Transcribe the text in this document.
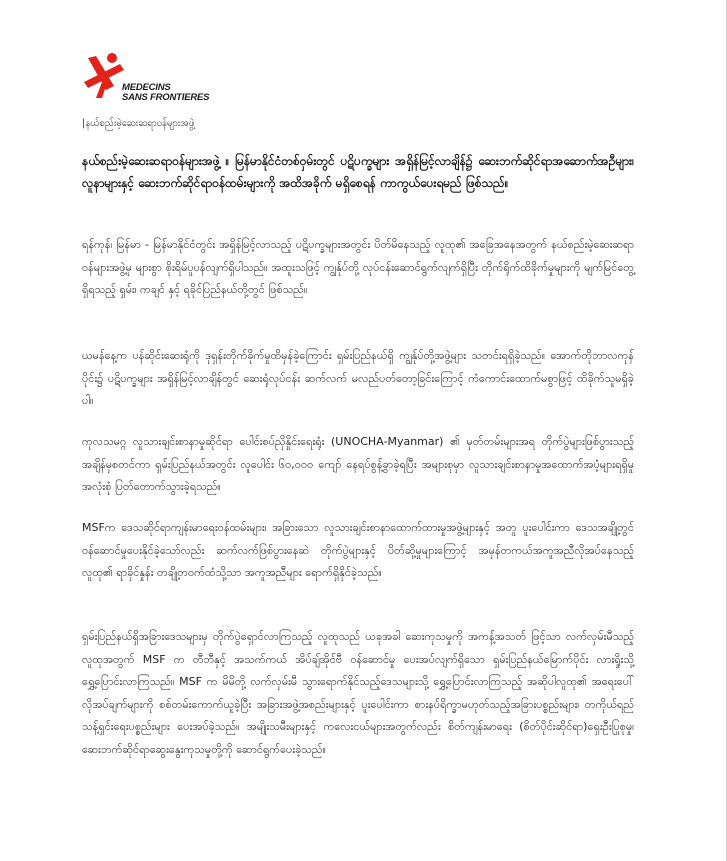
MEDECINS
SANS FRONTIERES
|နယ်စည်းမဲ့ဆေးဆရာဝန်များအဖွဲ့
နယ်စည်းမဲ့ဆေးဆရာဝန်များအဖွဲ့ ။ မြန်မာနိုင်ငံတစ်ဝှမ်းတွင် ပဋိပက္ခများ အရှိန်မြင့်လာချိန်၌ ဆေးဘက်ဆိုင်ရာအဆောက်အဦများ၊ လူနာများနှင့် ဆေးဘက်ဆိုင်ရာဝန်ထမ်းများကို အထိအခိုက် မရှိစေရန် ကာကွယ်ပေးရမည် ဖြစ်သည်။
ရန်ကုန်၊ မြန်မာ - မြန်မာနိုင်ငံတွင်း အရှိန်မြင့်လာသည့် ပဋိပက္ခများအတွင်း ပိတ်မိနေသည့် လူထု၏ အခြေအနေအတွက် နယ်စည်းမဲ့ဆေးဆရာဝန်များအဖွဲ့မှ များစွာ စိုးရိမ်ပူပန်လျက်ရှိပါသည်။ အထူးသဖြင့် ကျွန်ုပ်တို့ လုပ်ငန်းဆောင်ရွက်လျက်ရှိပြီး တိုက်ရိုက်ထိခိုက်မှုများကို မျက်မြင်တွေ့ရှိရသည့် ရှမ်း၊ ကချင် နှင့် ရခိုင်ပြည်နယ်တို့တွင် ဖြစ်သည်။
ယမန်နေ့က ပန်ဆိုင်းဆေးရုံကို ဒုရှန်းတိုက်ခိုက်မှုထိမှန်ခဲ့ကြောင်း ရှမ်းပြည်နယ်ရှိ ကျွန်ုပ်တို့အဖွဲ့များ သတင်းရရှိခဲ့သည်။ အောက်တိုဘာလကုန်ပိုင်း၌ ပဋိပက္ခများ အရှိန်မြင့်လာချိန်တွင် ဆေးရုံလုပ်ငန်း ဆက်လက် မလည်ပတ်တော့ခြင်းကြောင့် ကံကောင်းထောက်မစွာဖြင့် ထိခိုက်သူမရှိခဲ့ပါ။
ကုလသမဂ္ဂ လူသားချင်းစာနာမှုဆိုင်ရာ ပေါင်းစပ်ညှိနှိုင်းရေးရုံး (UNOCHA-Myanmar) ၏ မှတ်တမ်းများအရ တိုက်ပွဲများဖြစ်ပွားသည့်အချိန်မှစတင်ကာ ရှမ်းပြည်နယ်အတွင်း လူပေါင်း ၆၀,၀၀၀ ကျော် နေရပ်စွန့်ခွာခဲ့ရပြီး အများစုမှာ လူသားချင်းစာနာမှုအထောက်အပံ့များရရှိမှု အလုံးစုံ ပြတ်တောက်သွားခဲ့ရသည်။
MSFက ဒေသဆိုင်ရာကျန်းမာရေးဝန်ထမ်းများ၊ အခြားသော လူသားချင်းစာနာထောက်ထားမှုအဖွဲ့များနှင့် အတူ ပူးပေါင်းကာ ဒေသအချို့တွင် ဝန်ဆောင်မှုပေးနိုင်ခဲ့သော်လည်း ဆက်လက်ဖြစ်ပွားနေဆဲ တိုက်ပွဲများနှင့် ပိတ်ဆို့မှုများကြောင့် အမှန်တကယ်အကူအညီလိုအပ်နေသည့် လူထု၏ ရာခိုင်နှုန်း တချို့တဝက်ထံသို့သာ အကူအညီများ ရောက်ရှိနိုင်ခဲ့သည်။
ရှမ်းပြည်နယ်ရှိအခြားဒေသများမှ တိုက်ပွဲရှောင်လာကြသည့် လူထုသည် ယခုအခါ ဆေးကုသမှုကို အကန့်အသတ် ဖြင့်သာ လက်လှမ်းမီသည့်လူထုအတွက် MSF က တီဘီနှင့် အသက်ကယ် အိပ်ချ်အိုင်ဗီ ဝန်ဆောင်မှု ပေးအပ်လျက်ရှိသော ရှမ်းပြည်နယ်မြောက်ပိုင်း လားရှိုးသို့ ရွှေ့ပြောင်းလာကြသည်။ MSF က မိမိတို့ လက်လှမ်းမီ သွားရောက်နိုင်သည့်ဒေသများသို့ ရွှေ့ပြောင်းလာကြသည့် အဆိုပါလူထု၏ အရေးပေါ်လိုအပ်ချက်များကို စစ်တမ်းကောက်ယူခဲ့ပြီး အခြားအဖွဲ့အစည်းများနှင့် ပူးပေါင်းကာ စားနပ်ရိက္ခာမဟုတ်သည့်အခြားပစ္စည်းများ၊ တကိုယ်ရည်သန့်ရှင်းရေးပစ္စည်းများ ပေးအပ်ခဲ့သည်။ အမျိုးသမီးများနှင့် ကလေးငယ်များအတွက်လည်း စိတ်ကျန်းမာရေး (စိတ်ပိုင်းဆိုင်ရာ)ရှေးဦးပြုစုမှု၊ ဆေးဘက်ဆိုင်ရာဆွေးနွေးကုသမှုတို့ကို ဆောင်ရွက်ပေးခဲ့သည်။
